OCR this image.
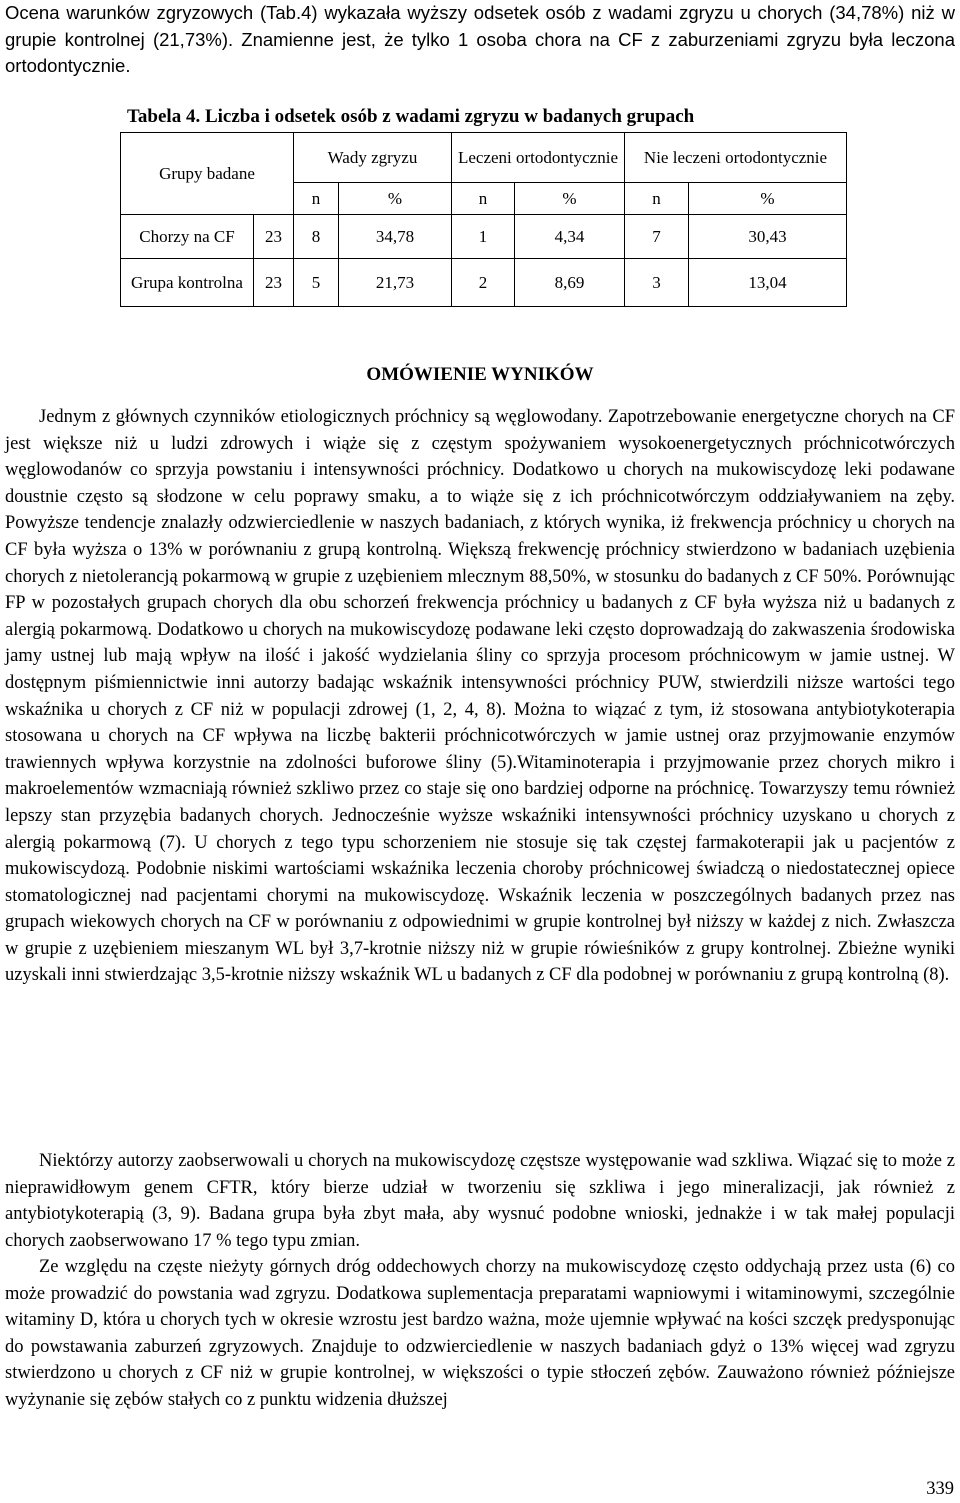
Ocena warunków zgryzowych (Tab.4) wykazała wyższy odsetek osób z wadami zgryzu u chorych (34,78%) niż w grupie kontrolnej (21,73%). Znamienne jest, że tylko 1 osoba chora na CF z zaburzeniami zgryzu była leczona ortodontycznie.

Tabela 4. Liczba i odsetek osób z wadami zgryzu w badanych grupach
Grupy badane		Wady zgryzu		Leczeni ortodontycznie		Nie leczeni ortodontycznie	
		n	%	n	%	n	%
Chorzy na CF	23	8	34,78	1	4,34	7	30,43
Grupa kontrolna	23	5	21,73	2	8,69	3	13,04
OMÓWIENIE WYNIKÓW

Jednym z głównych czynników etiologicznych próchnicy są węglowodany. Zapotrzebowanie energetyczne chorych na CF jest większe niż u ludzi zdrowych i wiąże się z częstym spożywaniem wysokoenergetycznych próchnicotwórczych węglowodanów co sprzyja powstaniu i intensywności próchnicy. Dodatkowo u chorych na mukowiscydozę leki podawane doustnie często są słodzone w celu poprawy smaku, a to wiąże się z ich próchnicotwórczym oddziaływaniem na zęby. Powyższe tendencje znalazły odzwierciedlenie w naszych badaniach, z których wynika, iż frekwencja próchnicy u chorych na CF była wyższa o 13% w porównaniu z grupą kontrolną. Większą frekwencję próchnicy stwierdzono w badaniach uzębienia chorych z nietolerancją pokarmową w grupie z uzębieniem mlecznym 88,50%, w stosunku do badanych z CF 50%. Porównując FP w pozostałych grupach chorych dla obu schorzeń frekwencja próchnicy u badanych z CF była wyższa niż u badanych z alergią pokarmową. Dodatkowo u chorych na mukowiscydozę podawane leki często doprowadzają do zakwaszenia środowiska jamy ustnej lub mają wpływ na ilość i jakość wydzielania śliny co sprzyja procesom próchnicowym w jamie ustnej. W dostępnym piśmiennictwie inni autorzy badając wskaźnik intensywności próchnicy PUW, stwierdzili niższe wartości tego wskaźnika u chorych z CF niż w populacji zdrowej (1, 2, 4, 8). Można to wiązać z tym, iż stosowana antybiotykoterapia stosowana u chorych na CF wpływa na liczbę bakterii próchnicotwórczych w jamie ustnej oraz przyjmowanie enzymów trawiennych wpływa korzystnie na zdolności buforowe śliny (5).Witaminoterapia i przyjmowanie przez chorych mikro i makroelementów wzmacniają również szkliwo przez co staje się ono bardziej odporne na próchnicę. Towarzyszy temu również lepszy stan przyzębia badanych chorych. Jednocześnie wyższe wskaźniki intensywności próchnicy uzyskano u chorych z alergią pokarmową (7). U chorych z tego typu schorzeniem nie stosuje się tak częstej farmakoterapii jak u pacjentów z mukowiscydozą. Podobnie niskimi wartościami wskaźnika leczenia choroby próchnicowej świadczą o niedostatecznej opiece stomatologicznej nad pacjentami chorymi na mukowiscydozę. Wskaźnik leczenia w poszczególnych badanych przez nas grupach wiekowych chorych na CF w porównaniu z odpowiednimi w grupie kontrolnej był niższy w każdej z nich. Zwłaszcza w grupie z uzębieniem mieszanym WL był 3,7-krotnie niższy niż w grupie rówieśników z grupy kontrolnej. Zbieżne wyniki uzyskali inni stwierdzając 3,5-krotnie niższy wskaźnik WL u badanych z CF dla podobnej w porównaniu z grupą kontrolną (8).

Niektórzy autorzy zaobserwowali u chorych na mukowiscydozę częstsze występowanie wad szkliwa. Wiązać się to może z nieprawidłowym genem CFTR, który bierze udział w tworzeniu się szkliwa i jego mineralizacji, jak również z antybiotykoterapią (3, 9). Badana grupa była zbyt mała, aby wysnuć podobne wnioski, jednakże i w tak małej populacji chorych zaobserwowano 17 % tego typu zmian.

Ze względu na częste nieżyty górnych dróg oddechowych chorzy na mukowiscydozę często oddychają przez usta (6) co może prowadzić do powstania wad zgryzu. Dodatkowa suplementacja preparatami wapniowymi i witaminowymi, szczególnie witaminy D, która u chorych tych w okresie wzrostu jest bardzo ważna, może ujemnie wpływać na kości szczęk predysponując do powstawania zaburzeń zgryzowych. Znajduje to odzwierciedlenie w naszych badaniach gdyż o 13% więcej wad zgryzu stwierdzono u chorych z CF niż w grupie kontrolnej, w większości o typie stłoczeń zębów. Zauważono również późniejsze wyżynanie się zębów stałych co z punktu widzenia dłuższej

339
